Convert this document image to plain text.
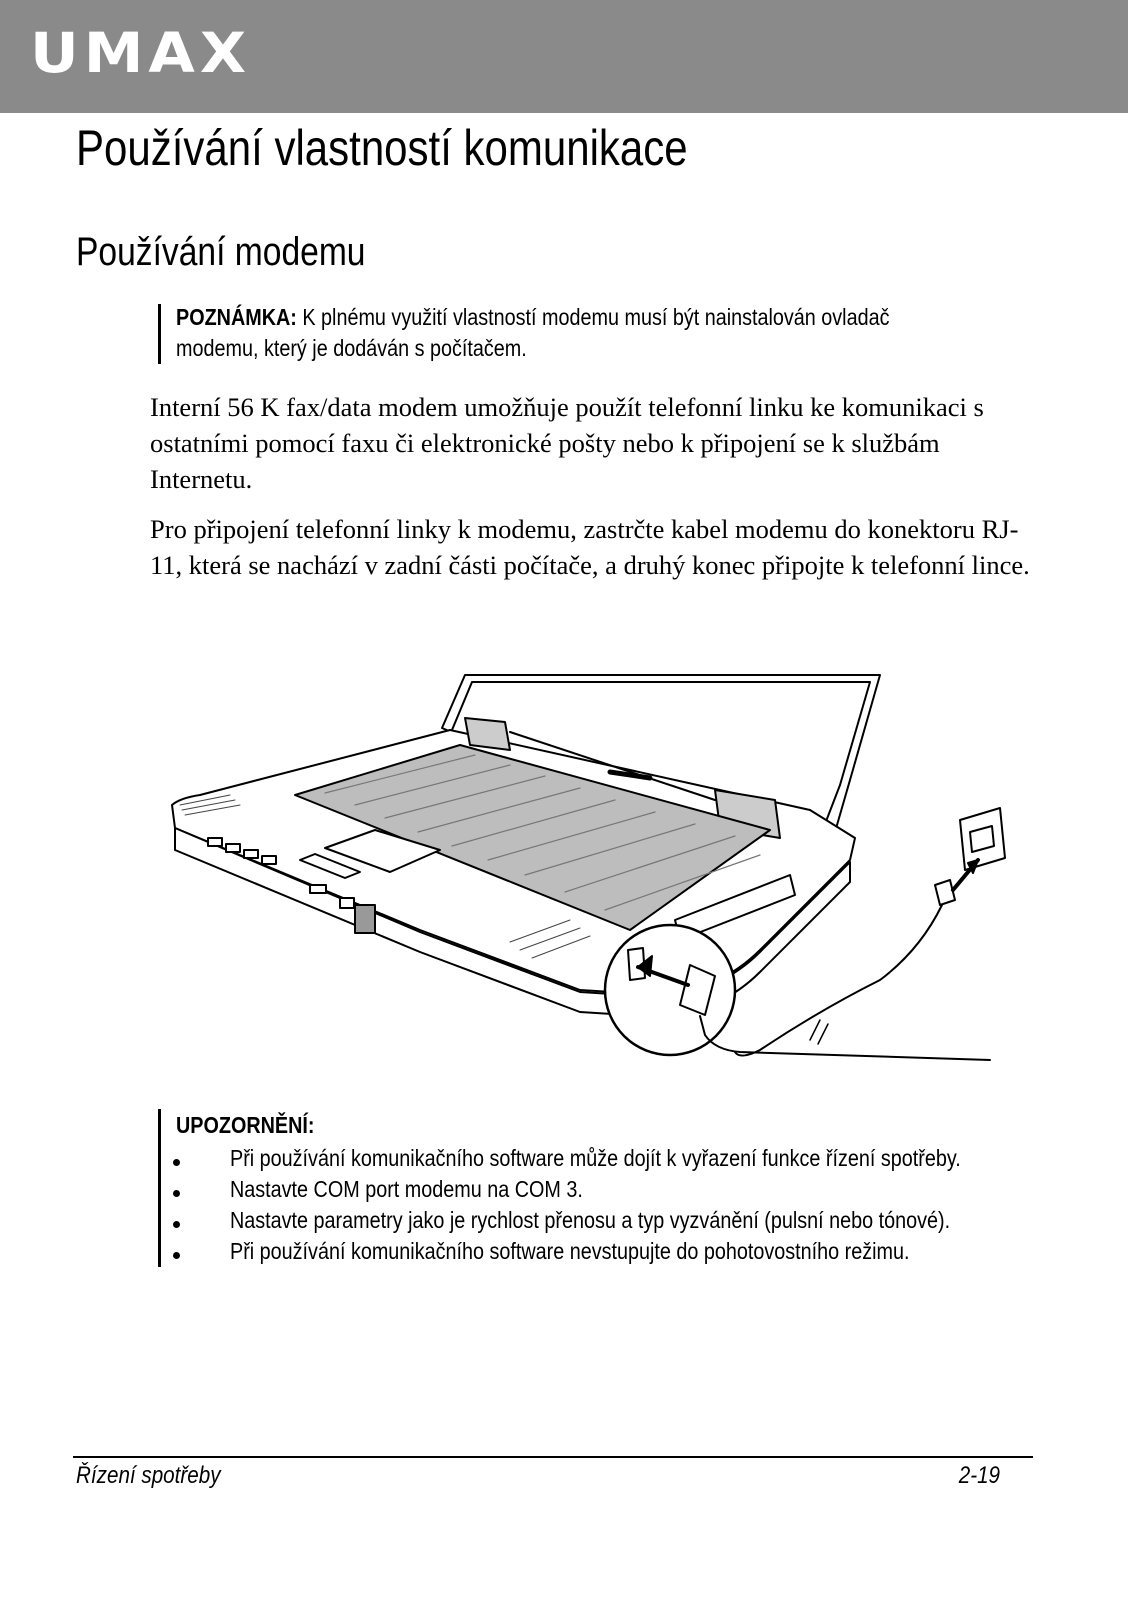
UMAX
Používání vlastností komunikace
Používání modemu
POZNÁMKA: K plnému využití vlastností modemu musí být nainstalován ovladač
modemu, který je dodáván s počítačem.

Interní 56 K fax/data modem umožňuje použít telefonní linku ke komunikaci s ostatními pomocí faxu či elektronické pošty nebo k připojení se k službám Internetu.

Pro připojení telefonní linky k modemu, zastrčte kabel modemu do konektoru RJ-11, která se nachází v zadní části počítače, a druhý konec připojte k telefonní lince.

UPOZORNĚNÍ:
Při používání komunikačního software může dojít k vyřazení funkce řízení spotřeby.
Nastavte COM port modemu na COM 3.
Nastavte parametry jako je rychlost přenosu a typ vyzvánění (pulsní nebo tónové).
Při používání komunikačního software nevstupujte do pohotovostního režimu.
Řízení spotřeby	2-19
